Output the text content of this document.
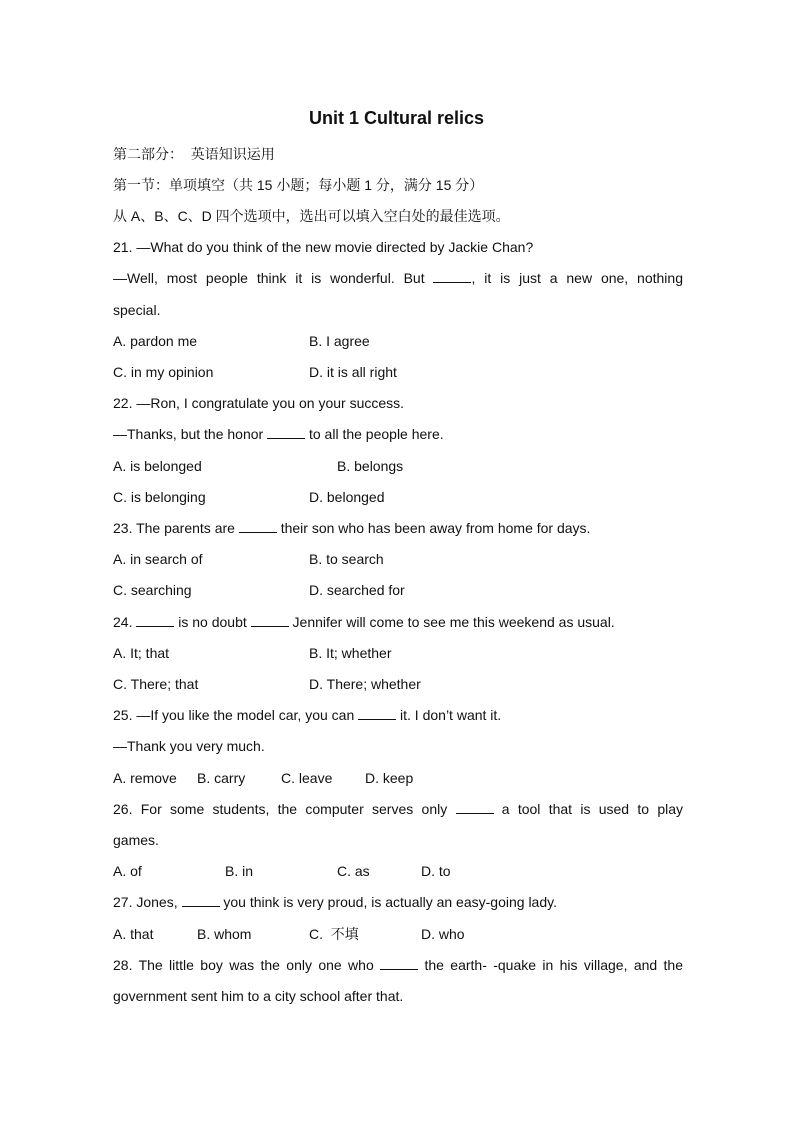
Unit 1 Cultural relics
第二部分：  英语知识运用
第一节：单项填空（共 15 小题；每小题 1 分，满分 15 分）
从 A、B、C、D 四个选项中，选出可以填入空白处的最佳选项。
21. —What do you think of the new movie directed by Jackie Chan?
—Well, most people think it is wonderful. But	, it is just a new one, nothing
special.
A. pardon me	B. I agree
C. in my opinion	D. it is all right
22. —Ron, I congratulate you on your success.
—Thanks, but the honor	to all the people here.
A. is belonged	B. belongs
C. is belonging	D. belonged
23. The parents are	their son who has been away from home for days.
A. in search of	B. to search
C. searching	D. searched for
24.	is no doubt	Jennifer will come to see me this weekend as usual.
A. It; that	B. It; whether
C. There; that	D. There; whether
25. —If you like the model car, you can	it. I don’t want it.
—Thank you very much.
A. remove B. carry	C. leave D. keep
26. For some students, the computer serves only	a tool that is used to play
games.
A. of	B. in	C. as	D. to
27. Jones,	you think is very proud, is actually an easy-going lady.
A. that	B. whom	C.  不填	D. who
28. The little boy was the only one who	the earth- -quake in his village, and the
government sent him to a city school after that.
